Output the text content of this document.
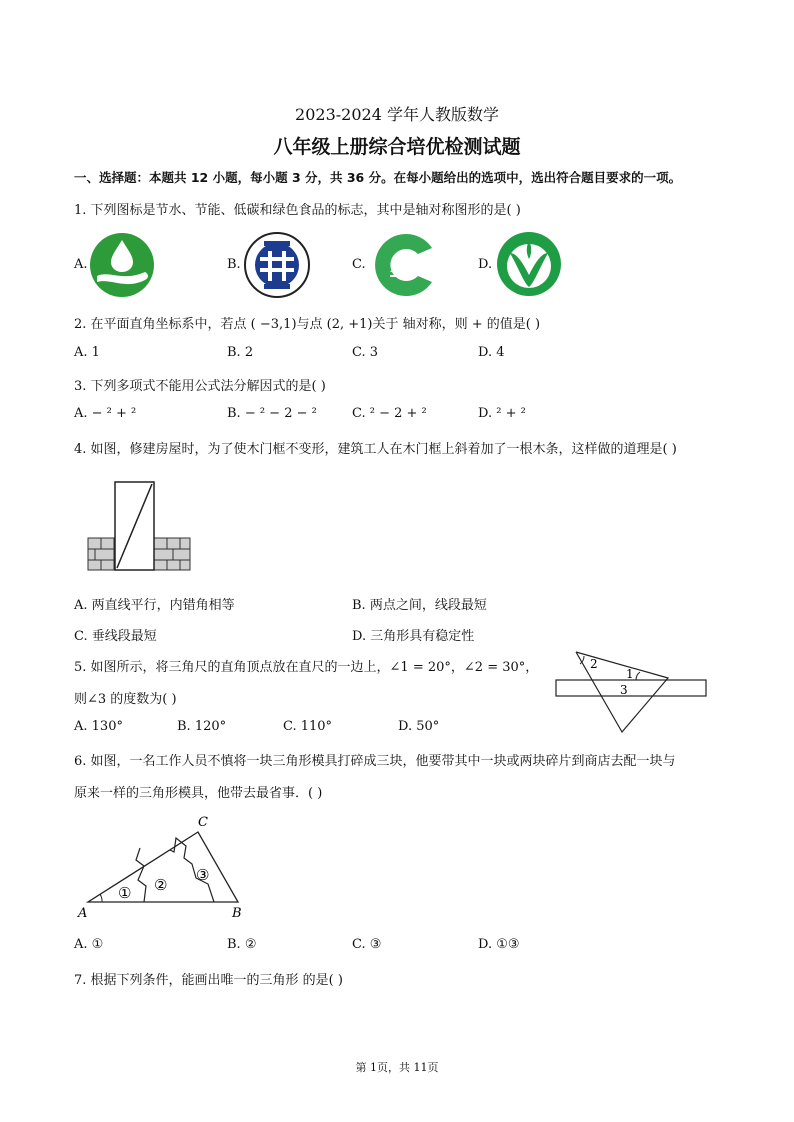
2023-2024 学年人教版数学
八年级上册综合培优检测试题
一、选择题：本题共 12 小题，每小题 3 分，共 36 分。在每小题给出的选项中，选出符合题目要求的一项。
1. 下列图标是节水、节能、低碳和绿色食品的标志，其中是轴对称图形的是( )
A.	B.	C.	D.
2. 在平面直角坐标系中，若点 ( −3,1)与点 (2, +1)关于 轴对称，则 + 的值是( )
A. 1	B. 2	C. 3	D. 4
3. 下列多项式不能用公式法分解因式的是( )
A. − ² + ²	B. − ² − 2 − ²	C. ² − 2 + ²	D. ² + ²
4. 如图，修建房屋时，为了使木门框不变形，建筑工人在木门框上斜着加了一根木条，这样做的道理是( )
A. 两直线平行，内错角相等	B. 两点之间，线段最短
C. 垂线段最短	D. 三角形具有稳定性
5. 如图所示，将三角尺的直角顶点放在直尺的一边上，∠1 = 20°，∠2 = 30°，
则∠3 的度数为( )
2
1
3
A. 130°	B. 120°	C. 110°	D. 50°
6. 如图，一名工作人员不慎将一块三角形模具打碎成三块，他要带其中一块或两块碎片到商店去配一块与
原来一样的三角形模具，他带去最省事．( )
C
A	B
① ②
③
A. ①	B. ②	C. ③	D. ①③
7. 根据下列条件，能画出唯一的三角形 的是( )
第 1页，共 11页
